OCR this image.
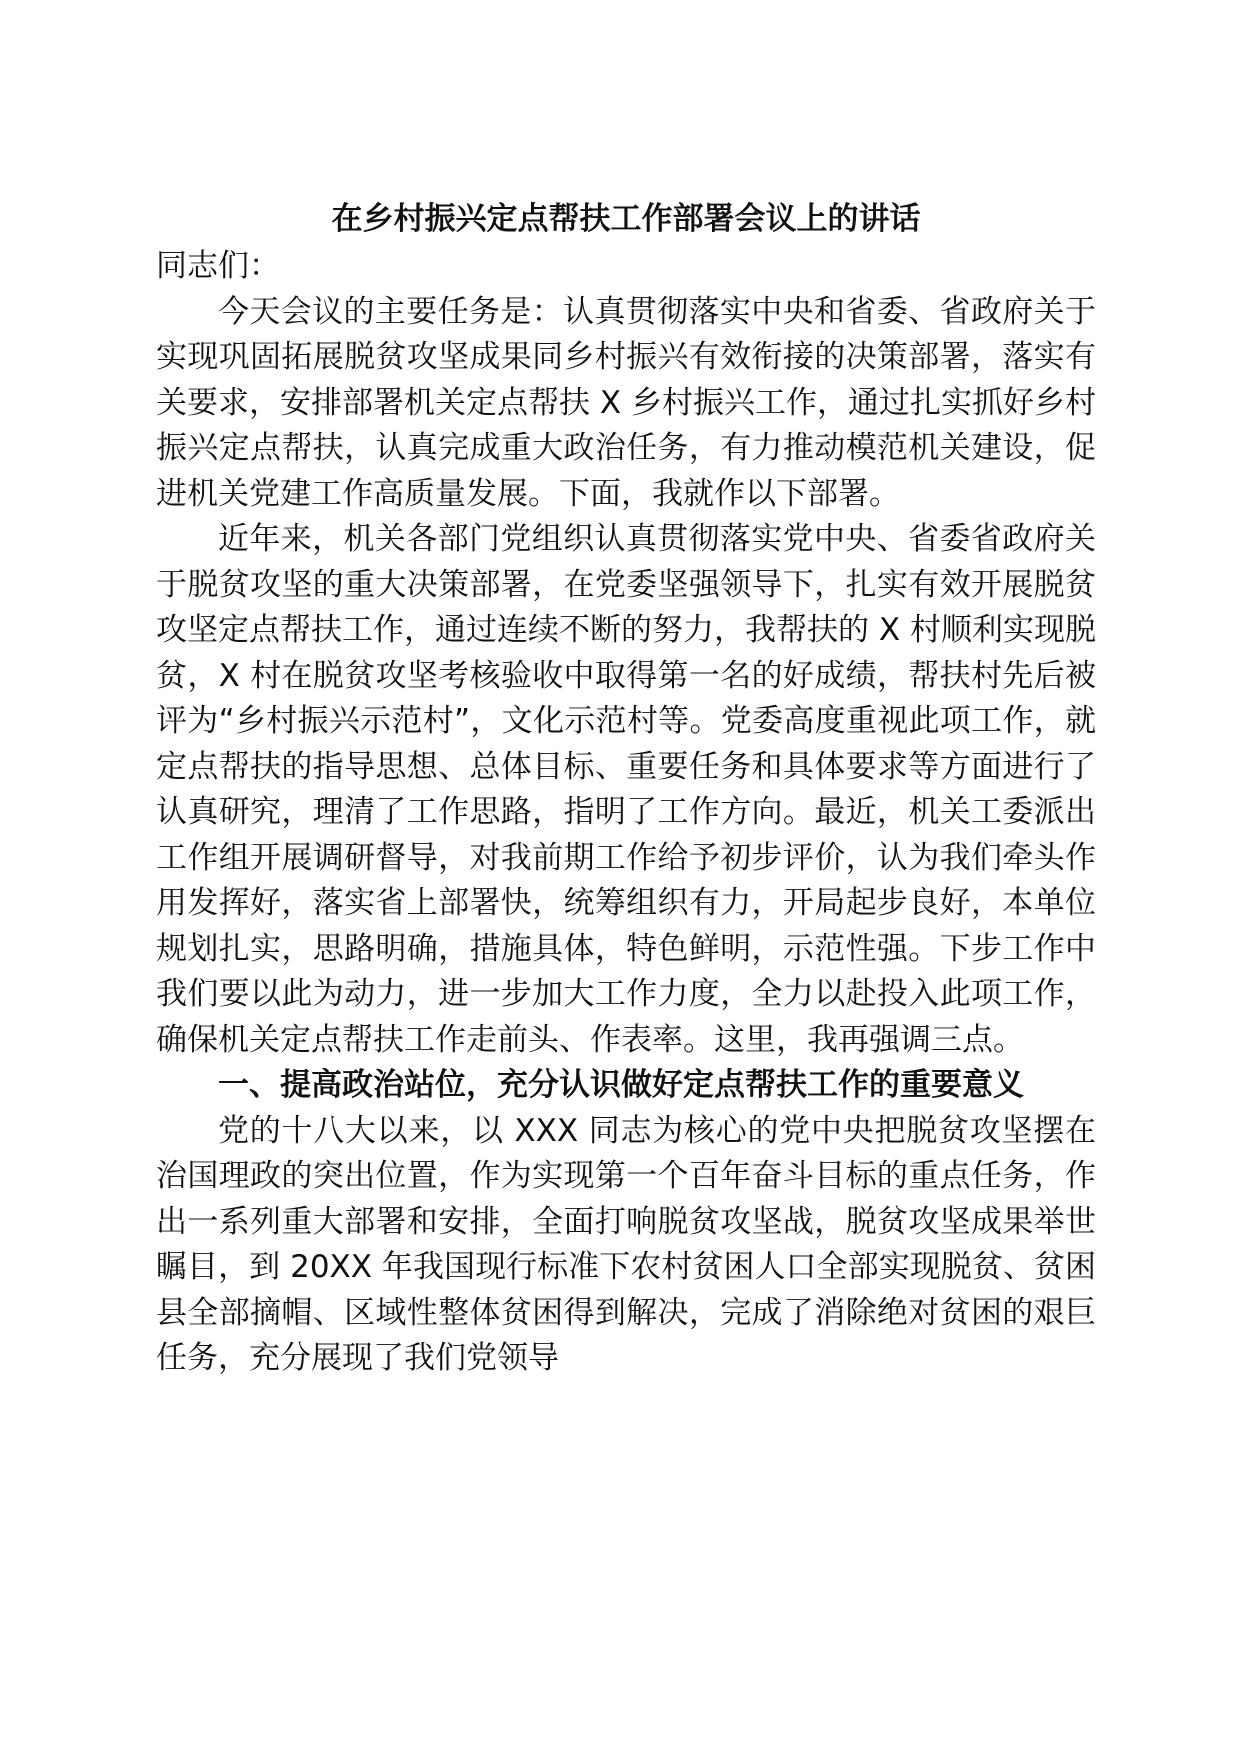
在乡村振兴定点帮扶工作部署会议上的讲话

同志们：

今天会议的主要任务是：认真贯彻落实中央和省委、省政府关于实现巩固拓展脱贫攻坚成果同乡村振兴有效衔接的决策部署，落实有关要求，安排部署机关定点帮扶 X 乡村振兴工作，通过扎实抓好乡村振兴定点帮扶，认真完成重大政治任务，有力推动模范机关建设，促进机关党建工作高质量发展。下面，我就作以下部署。

近年来，机关各部门党组织认真贯彻落实党中央、省委省政府关于脱贫攻坚的重大决策部署，在党委坚强领导下，扎实有效开展脱贫攻坚定点帮扶工作，通过连续不断的努力，我帮扶的 X 村顺利实现脱贫，X 村在脱贫攻坚考核验收中取得第一名的好成绩，帮扶村先后被评为“乡村振兴示范村”，文化示范村等。党委高度重视此项工作，就定点帮扶的指导思想、总体目标、重要任务和具体要求等方面进行了认真研究，理清了工作思路，指明了工作方向。最近，机关工委派出工作组开展调研督导，对我前期工作给予初步评价，认为我们牵头作用发挥好，落实省上部署快，统筹组织有力，开局起步良好，本单位规划扎实，思路明确，措施具体，特色鲜明，示范性强。下步工作中我们要以此为动力，进一步加大工作力度，全力以赴投入此项工作，确保机关定点帮扶工作走前头、作表率。这里，我再强调三点。

一、提高政治站位，充分认识做好定点帮扶工作的重要意义

党的十八大以来，以 XXX 同志为核心的党中央把脱贫攻坚摆在治国理政的突出位置，作为实现第一个百年奋斗目标的重点任务，作出一系列重大部署和安排，全面打响脱贫攻坚战，脱贫攻坚成果举世瞩目，到 20XX 年我国现行标准下农村贫困人口全部实现脱贫、贫困县全部摘帽、区域性整体贫困得到解决，完成了消除绝对贫困的艰巨任务，充分展现了我们党领导
